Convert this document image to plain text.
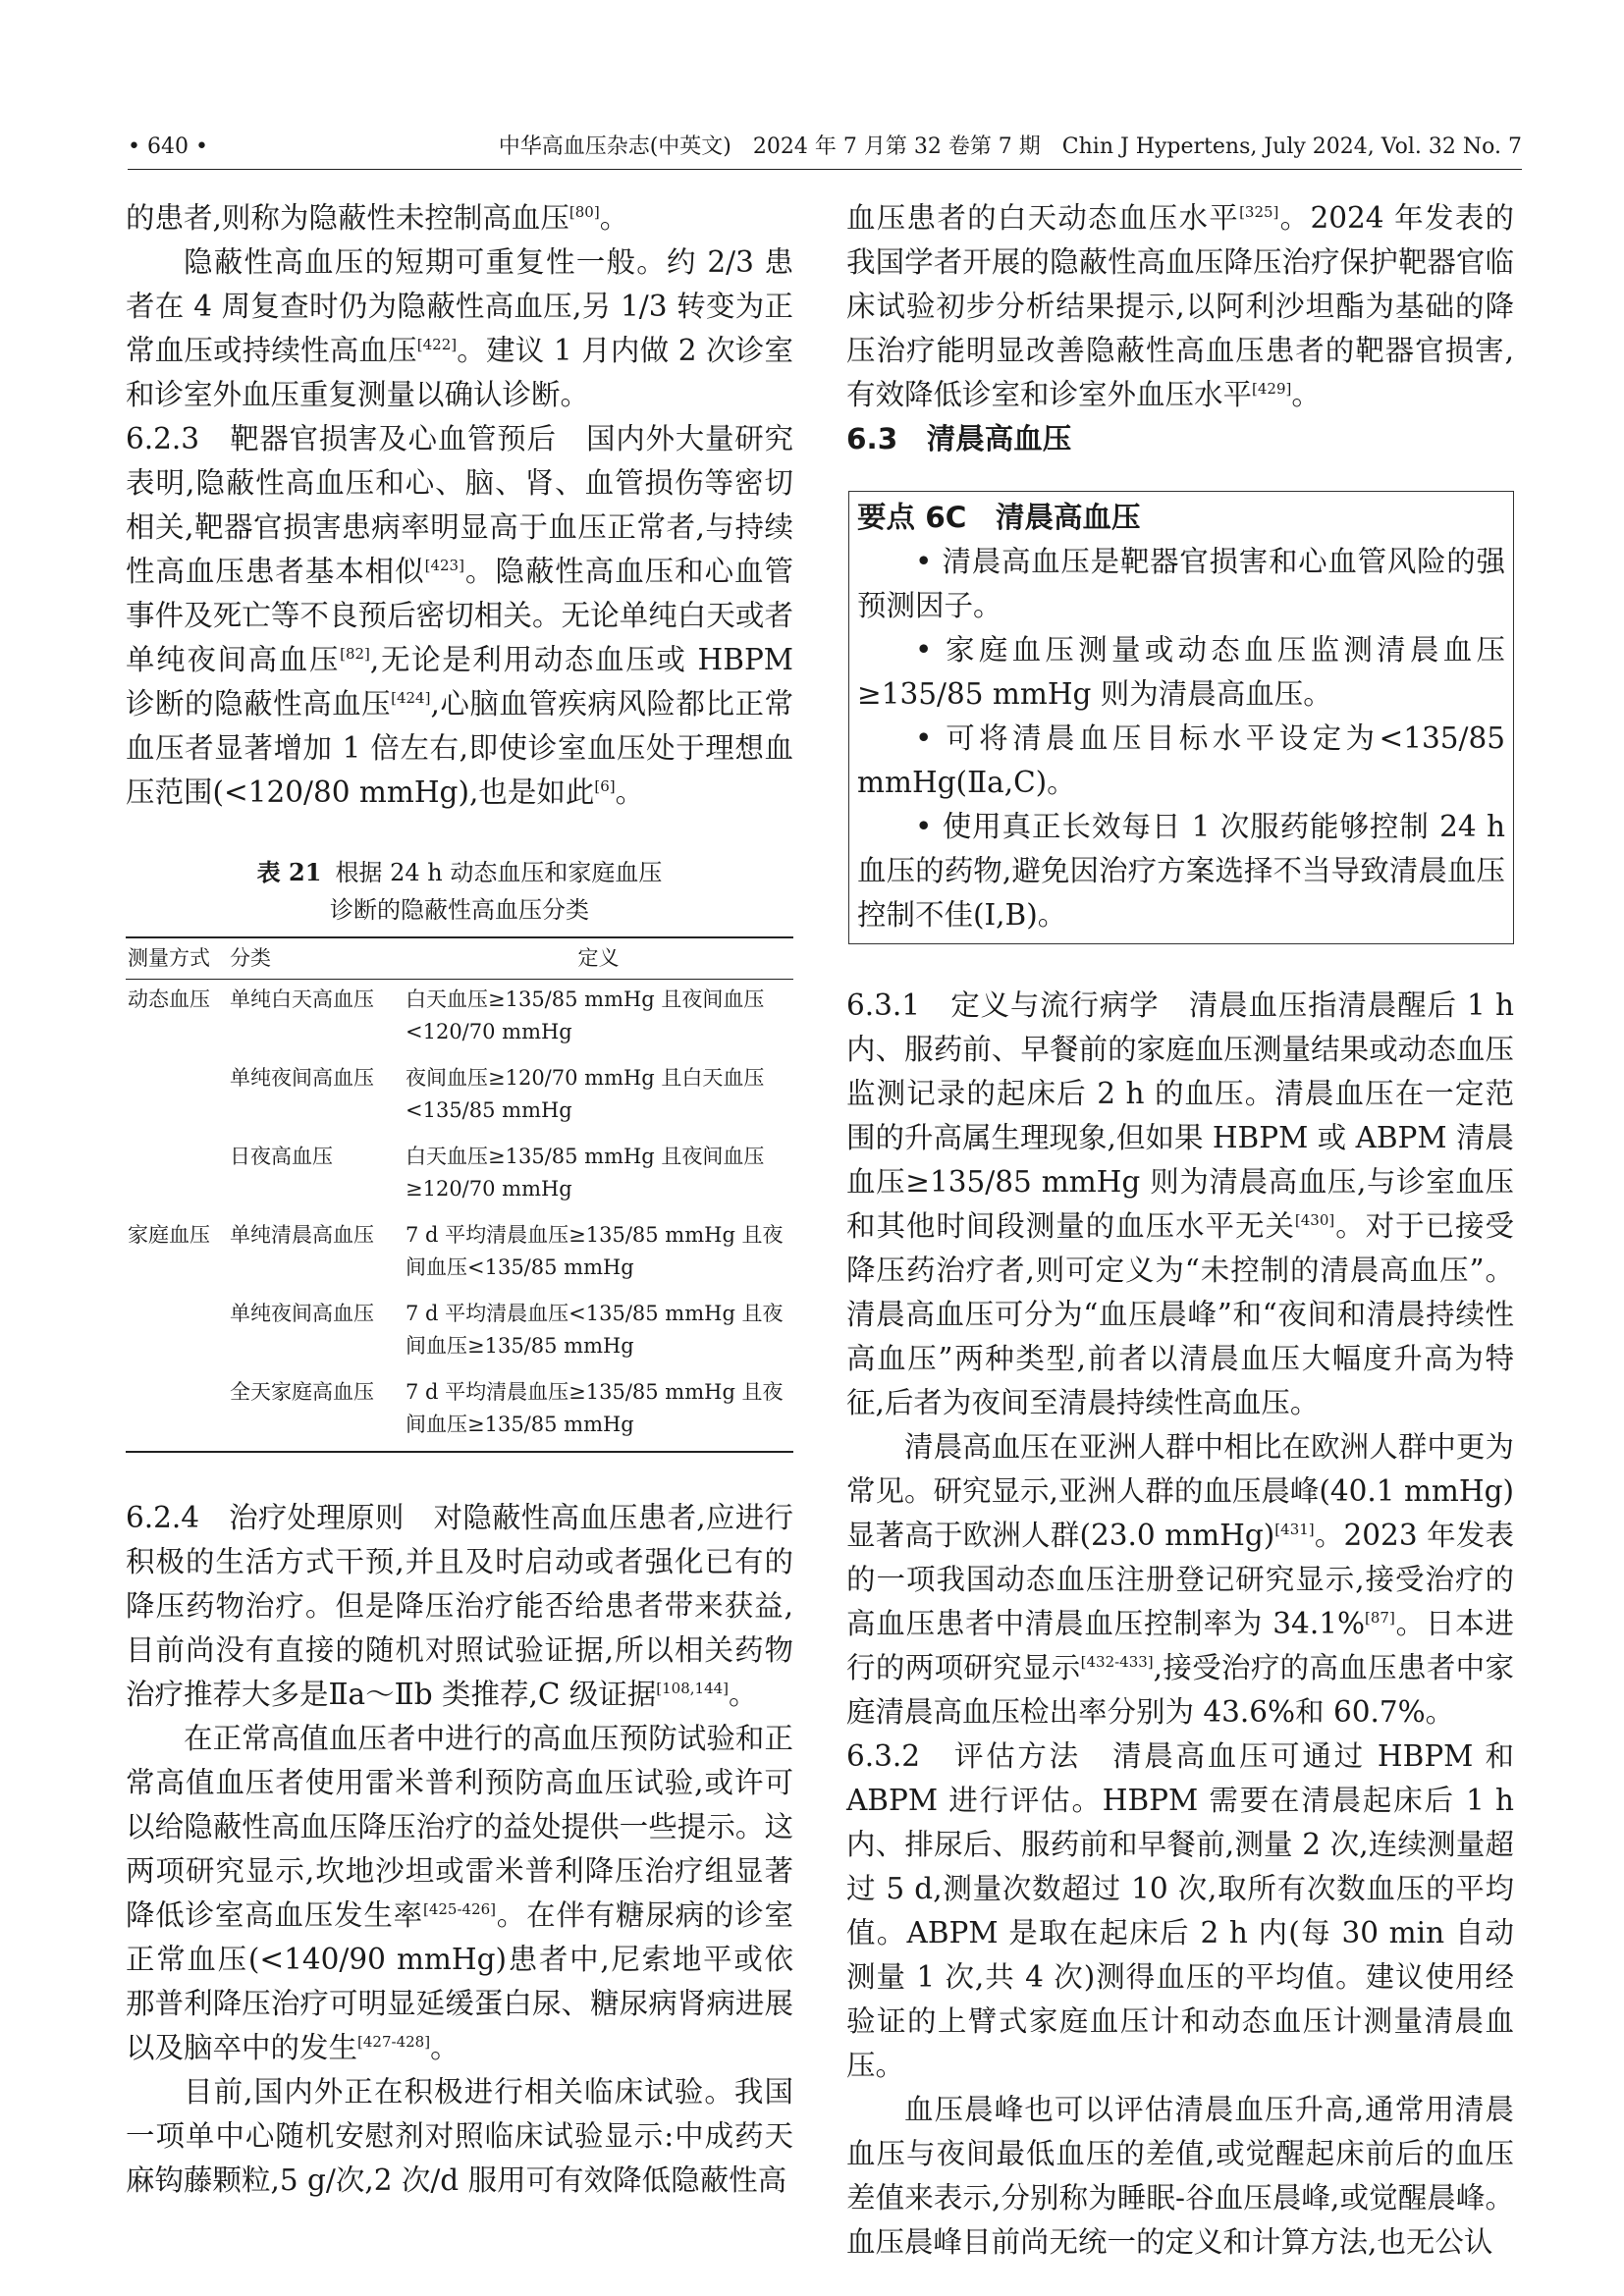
• 640 •	中华高血压杂志(中英文)　2024 年 7 月第 32 卷第 7 期　Chin J Hypertens, July 2024, Vol. 32 No. 7

的患者,则称为隐蔽性未控制高血压[80]。

隐蔽性高血压的短期可重复性一般。约 2/3 患者在 4 周复查时仍为隐蔽性高血压,另 1/3 转变为正常血压或持续性高血压[422]。建议 1 月内做 2 次诊室和诊室外血压重复测量以确认诊断。

6.2.3　 靶器官损害及心血管预后　 国内外大量研究表明,隐蔽性高血压和心、脑、肾、血管损伤等密切相关,靶器官损害患病率明显高于血压正常者,与持续性高血压患者基本相似[423]。隐蔽性高血压和心血管事件及死亡等不良预后密切相关。无论单纯白天或者单纯夜间高血压[82],无论是利用动态血压或 HBPM 诊断的隐蔽性高血压[424],心脑血管疾病风险都比正常血压者显著增加 1 倍左右,即使诊室血压处于理想血压范围(<120/80 mmHg),也是如此[6]。

表 21 根据 24 h 动态血压和家庭血压
诊断的隐蔽性高血压分类
测量方式	分类	定义
动态血压	单纯白天高血压	白天血压≥135/85 mmHg 且夜间血压<120/70 mmHg
	单纯夜间高血压	夜间血压≥120/70 mmHg 且白天血压<135/85 mmHg
	日夜高血压	白天血压≥135/85 mmHg 且夜间血压≥120/70 mmHg
家庭血压	单纯清晨高血压	7 d 平均清晨血压≥135/85 mmHg 且夜间血压<135/85 mmHg
	单纯夜间高血压	7 d 平均清晨血压<135/85 mmHg 且夜间血压≥135/85 mmHg
	全天家庭高血压	7 d 平均清晨血压≥135/85 mmHg 且夜间血压≥135/85 mmHg

6.2.4　 治疗处理原则　 对隐蔽性高血压患者,应进行积极的生活方式干预,并且及时启动或者强化已有的降压药物治疗。但是降压治疗能否给患者带来获益,目前尚没有直接的随机对照试验证据,所以相关药物治疗推荐大多是Ⅱa～Ⅱb 类推荐,C 级证据[108,144]。

在正常高值血压者中进行的高血压预防试验和正常高值血压者使用雷米普利预防高血压试验,或许可以给隐蔽性高血压降压治疗的益处提供一些提示。这两项研究显示,坎地沙坦或雷米普利降压治疗组显著降低诊室高血压发生率[425-426]。在伴有糖尿病的诊室正常血压(<140/90 mmHg)患者中,尼索地平或依那普利降压治疗可明显延缓蛋白尿、糖尿病肾病进展以及脑卒中的发生[427-428]。

目前,国内外正在积极进行相关临床试验。我国一项单中心随机安慰剂对照临床试验显示:中成药天麻钩藤颗粒,5 g/次,2 次/d 服用可有效降低隐蔽性高

血压患者的白天动态血压水平[325]。2024 年发表的我国学者开展的隐蔽性高血压降压治疗保护靶器官临床试验初步分析结果提示,以阿利沙坦酯为基础的降压治疗能明显改善隐蔽性高血压患者的靶器官损害,有效降低诊室和诊室外血压水平[429]。

6.3　 清晨高血压

要点 6C　清晨高血压

• 清晨高血压是靶器官损害和心血管风险的强预测因子。

• 家庭血压测量或动态血压监测清晨血压≥135/85 mmHg 则为清晨高血压。

• 可将清晨血压目标水平设定为<135/85 mmHg(Ⅱa,C)。

• 使用真正长效每日 1 次服药能够控制 24 h 血压的药物,避免因治疗方案选择不当导致清晨血压控制不佳(Ⅰ,B)。

6.3.1　 定义与流行病学　 清晨血压指清晨醒后 1 h 内、服药前、早餐前的家庭血压测量结果或动态血压监测记录的起床后 2 h 的血压。清晨血压在一定范围的升高属生理现象,但如果 HBPM 或 ABPM 清晨血压≥135/85 mmHg 则为清晨高血压,与诊室血压和其他时间段测量的血压水平无关[430]。对于已接受降压药治疗者,则可定义为“未控制的清晨高血压”。清晨高血压可分为“血压晨峰”和“夜间和清晨持续性高血压”两种类型,前者以清晨血压大幅度升高为特征,后者为夜间至清晨持续性高血压。

清晨高血压在亚洲人群中相比在欧洲人群中更为常见。研究显示,亚洲人群的血压晨峰(40.1 mmHg)显著高于欧洲人群(23.0 mmHg)[431]。2023 年发表的一项我国动态血压注册登记研究显示,接受治疗的高血压患者中清晨血压控制率为 34.1%[87]。日本进行的两项研究显示[432-433],接受治疗的高血压患者中家庭清晨高血压检出率分别为 43.6%和 60.7%。

6.3.2　 评估方法　 清晨高血压可通过 HBPM 和 ABPM 进行评估。HBPM 需要在清晨起床后 1 h 内、排尿后、服药前和早餐前,测量 2 次,连续测量超过 5 d,测量次数超过 10 次,取所有次数血压的平均值。ABPM 是取在起床后 2 h 内(每 30 min 自动测量 1 次,共 4 次)测得血压的平均值。建议使用经验证的上臂式家庭血压计和动态血压计测量清晨血压。

血压晨峰也可以评估清晨血压升高,通常用清晨血压与夜间最低血压的差值,或觉醒起床前后的血压差值来表示,分别称为睡眠-谷血压晨峰,或觉醒晨峰。血压晨峰目前尚无统一的定义和计算方法,也无公认
